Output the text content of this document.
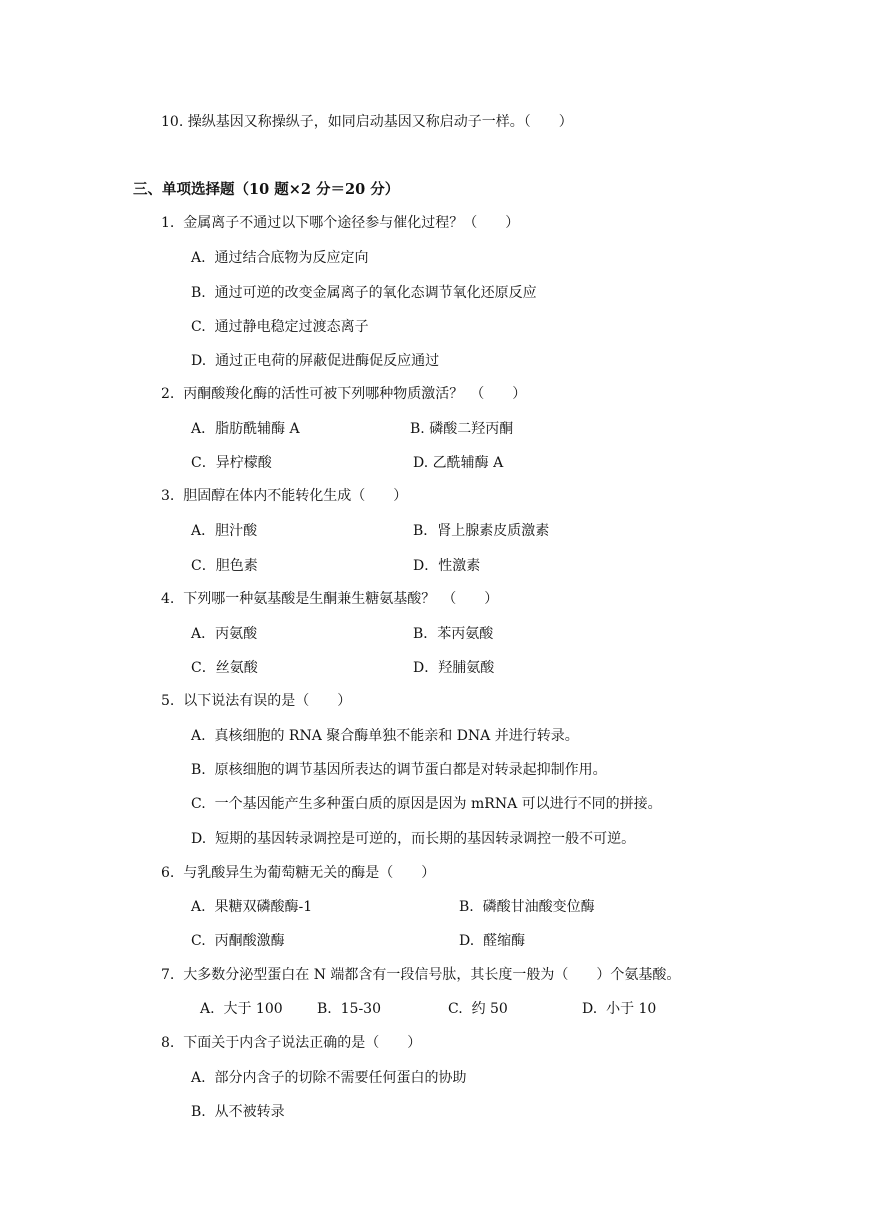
10. 操纵基因又称操纵子，如同启动基因又称启动子一样。（　　）
三、单项选择题（10 题×2 分＝20 分）
1.  金属离子不通过以下哪个途径参与催化过程？（　　）
A.  通过结合底物为反应定向
B.  通过可逆的改变金属离子的氧化态调节氧化还原反应
C.  通过静电稳定过渡态离子
D.  通过正电荷的屏蔽促进酶促反应通过
2.  丙酮酸羧化酶的活性可被下列哪种物质激活？　（　　）
A．脂肪酰辅酶 A	B. 磷酸二羟丙酮
C．异柠檬酸	D. 乙酰辅酶 A
3.  胆固醇在体内不能转化生成（　　）
A．胆汁酸	B．肾上腺素皮质激素
C．胆色素	D．性激素
4.  下列哪一种氨基酸是生酮兼生糖氨基酸？　（　　）
A．丙氨酸	B．苯丙氨酸
C．丝氨酸	D．羟脯氨酸
5.  以下说法有误的是（　　）
A.  真核细胞的 RNA 聚合酶单独不能亲和 DNA 并进行转录。
B.  原核细胞的调节基因所表达的调节蛋白都是对转录起抑制作用。
C.  一个基因能产生多种蛋白质的原因是因为 mRNA 可以进行不同的拼接。
D.  短期的基因转录调控是可逆的，而长期的基因转录调控一般不可逆。
6.  与乳酸异生为葡萄糖无关的酶是（　　）
A.  果糖双磷酸酶-1	B.  磷酸甘油酸变位酶
C.  丙酮酸激酶	D.  醛缩酶
7.  大多数分泌型蛋白在 N 端都含有一段信号肽，其长度一般为（　　）个氨基酸。
A.  大于 100 B.  15-30	C.  约 50	D.  小于 10
8.  下面关于内含子说法正确的是（　　）
A.  部分内含子的切除不需要任何蛋白的协助
B.  从不被转录
